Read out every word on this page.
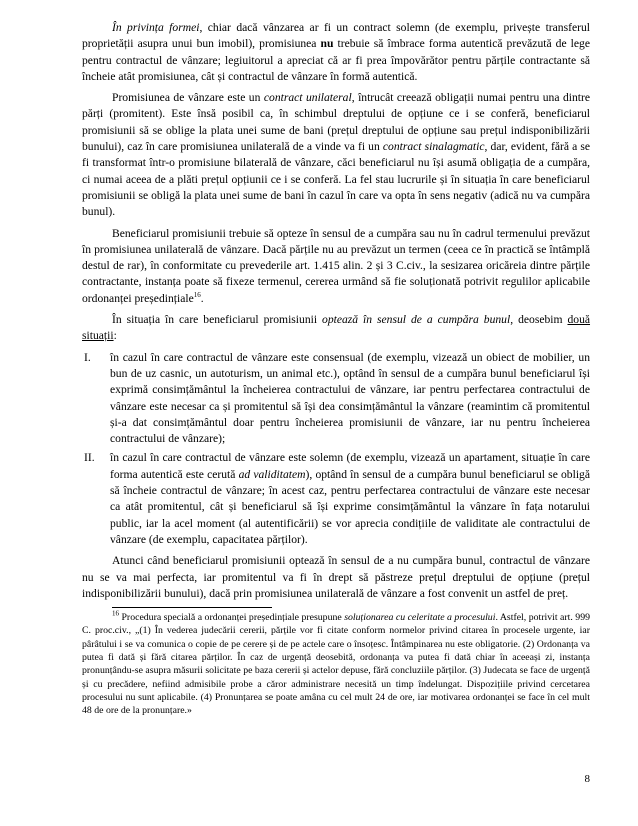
În privința formei, chiar dacă vânzarea ar fi un contract solemn (de exemplu, privește transferul proprietății asupra unui bun imobil), promisiunea nu trebuie să îmbrace forma autentică prevăzută de lege pentru contractul de vânzare; legiuitorul a apreciat că ar fi prea împovărător pentru părțile contractante să încheie atât promisiunea, cât și contractul de vânzare în formă autentică.

Promisiunea de vânzare este un contract unilateral, întrucât creează obligații numai pentru una dintre părți (promitent). Este însă posibil ca, în schimbul dreptului de opțiune ce i se conferă, beneficiarul promisiunii să se oblige la plata unei sume de bani (prețul dreptului de opțiune sau prețul indisponibilizării bunului), caz în care promisiunea unilaterală de a vinde va fi un contract sinalagmatic, dar, evident, fără a se fi transformat într-o promisiune bilaterală de vânzare, căci beneficiarul nu își asumă obligația de a cumpăra, ci numai aceea de a plăti prețul opțiunii ce i se conferă. La fel stau lucrurile și în situația în care beneficiarul promisiunii se obligă la plata unei sume de bani în cazul în care va opta în sens negativ (adică nu va cumpăra bunul).

Beneficiarul promisiunii trebuie să opteze în sensul de a cumpăra sau nu în cadrul termenului prevăzut în promisiunea unilaterală de vânzare. Dacă părțile nu au prevăzut un termen (ceea ce în practică se întâmplă destul de rar), în conformitate cu prevederile art. 1.415 alin. 2 și 3 C.civ., la sesizarea oricăreia dintre părțile contractante, instanța poate să fixeze termenul, cererea urmând să fie soluționată potrivit regulilor aplicabile ordonanței președințiale$^{16}$.

În situația în care beneficiarul promisiunii optează în sensul de a cumpăra bunul, deosebim două situații:

I.	în cazul în care contractul de vânzare este consensual (de exemplu, vizează un obiect de mobilier, un bun de uz casnic, un autoturism, un animal etc.), optând în sensul de a cumpăra bunul beneficiarul își exprimă consimțământul la încheierea contractului de vânzare, iar pentru perfectarea contractului de vânzare este necesar ca și promitentul să își dea consimțământul la vânzare (reamintim că promitentul și-a dat consimțământul doar pentru încheierea promisiunii de vânzare, iar nu pentru încheierea contractului de vânzare);
II.	în cazul în care contractul de vânzare este solemn (de exemplu, vizează un apartament, situație în care forma autentică este cerută ad validitatem), optând în sensul de a cumpăra bunul beneficiarul se obligă să încheie contractul de vânzare; în acest caz, pentru perfectarea contractului de vânzare este necesar ca atât promitentul, cât și beneficiarul să își exprime consimțământul la vânzare în fața notarului public, iar la acel moment (al autentificării) se vor aprecia condițiile de validitate ale contractului de vânzare (de exemplu, capacitatea părților).

Atunci când beneficiarul promisiunii optează în sensul de a nu cumpăra bunul, contractul de vânzare nu se va mai perfecta, iar promitentul va fi în drept să păstreze prețul dreptului de opțiune (prețul indisponibilizării bunului), dacă prin promisiunea unilaterală de vânzare a fost convenit un astfel de preț.

$^{16}$ Procedura specială a ordonanței președințiale presupune soluționarea cu celeritate a procesului. Astfel, potrivit art. 999 C. proc.civ., „(1) În vederea judecării cererii, părțile vor fi citate conform normelor privind citarea în procesele urgente, iar pârâtului i se va comunica o copie de pe cerere și de pe actele care o însoțesc. Întâmpinarea nu este obligatorie. (2) Ordonanța va putea fi dată și fără citarea părților. În caz de urgență deosebită, ordonanța va putea fi dată chiar în aceeași zi, instanța pronunțându-se asupra măsurii solicitate pe baza cererii și actelor depuse, fără concluziile părților. (3) Judecata se face de urgență și cu precădere, nefiind admisibile probe a căror administrare necesită un timp îndelungat. Dispozițiile privind cercetarea procesului nu sunt aplicabile. (4) Pronunțarea se poate amâna cu cel mult 24 de ore, iar motivarea ordonanței se face în cel mult 48 de ore de la pronunțare.»

8
